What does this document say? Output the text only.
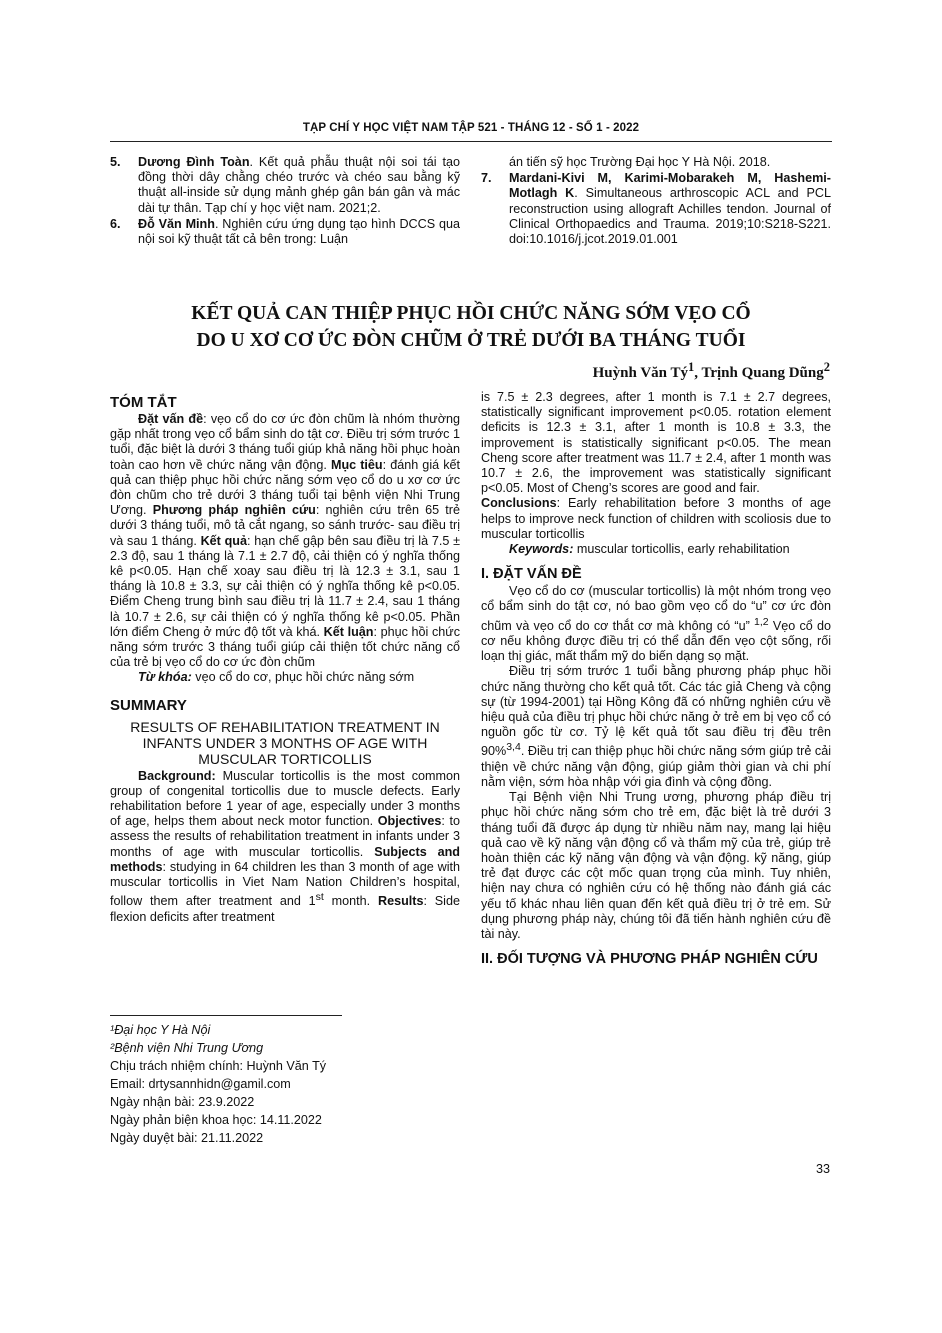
TẠP CHÍ Y HỌC VIỆT NAM TẬP 521 - THÁNG 12 - SỐ 1 - 2022
5.	Dương Đình Toàn. Kết quả phẫu thuật nội soi tái tạo đồng thời dây chằng chéo trước và chéo sau bằng kỹ thuật all-inside sử dụng mảnh ghép gân bán gân và mác dài tự thân. Tạp chí y học việt nam. 2021;2.
6.	Đỗ Văn Minh. Nghiên cứu ứng dụng tạo hình DCCS qua nội soi kỹ thuật tất cả bên trong: Luận
án tiến sỹ học Trường Đại học Y Hà Nội. 2018.
7.	Mardani-Kivi M, Karimi-Mobarakeh M, Hashemi-Motlagh K. Simultaneous arthroscopic ACL and PCL reconstruction using allograft Achilles tendon. Journal of Clinical Orthopaedics and Trauma. 2019;10:S218-S221. doi:10.1016/j.jcot.2019.01.001
KẾT QUẢ CAN THIỆP PHỤC HỒI CHỨC NĂNG SỚM VẸO CỔ
DO U XƠ CƠ ỨC ĐÒN CHŨM Ở TRẺ DƯỚI BA THÁNG TUỔI
Huỳnh Văn $Tý^1$, Trịnh Quang Dũng$^2$
TÓM TẮT

Đặt vấn đề: vẹo cổ do cơ ức đòn chũm là nhóm thường gặp nhất trong vẹo cổ bẩm sinh do tật cơ. Điều trị sớm trước 1 tuổi, đặc biệt là dưới 3 tháng tuổi giúp khả năng hồi phục hoàn toàn cao hơn về chức năng vận động. Mục tiêu: đánh giá kết quả can thiệp phục hồi chức năng sớm vẹo cổ do u xơ cơ ức đòn chũm cho trẻ dưới 3 tháng tuổi tại bệnh viện Nhi Trung Ương. Phương pháp nghiên cứu: nghiên cứu trên 65 trẻ dưới 3 tháng tuổi, mô tả cắt ngang, so sánh trước- sau điều trị và sau 1 tháng. Kết quả: hạn chế gập bên sau điều trị là 7.5 ± 2.3 độ, sau 1 tháng là 7.1 ± 2.7 độ, cải thiện có ý nghĩa thống kê p<0.05. Hạn chế xoay sau điều trị là 12.3 ± 3.1, sau 1 tháng là 10.8 ± 3.3, sự cải thiện có ý nghĩa thống kê p<0.05. Điểm Cheng trung bình sau điều trị là 11.7 ± 2.4, sau 1 tháng là 10.7 ± 2.6, sự cải thiện có ý nghĩa thống kê p<0.05. Phần lớn điểm Cheng ở mức độ tốt và khá. Kết luận: phục hồi chức năng sớm trước 3 tháng tuổi giúp cải thiện tốt chức năng cổ của trẻ bị vẹo cổ do cơ ức đòn chũm

Từ khóa: vẹo cổ do cơ, phục hồi chức năng sớm

SUMMARY
RESULTS OF REHABILITATION TREATMENT IN INFANTS UNDER 3 MONTHS OF AGE WITH MUSCULAR TORTICOLLIS

Background: Muscular torticollis is the most common group of congenital torticollis due to muscle defects. Early rehabilitation before 1 year of age, especially under 3 months of age, helps them about neck motor function. Objectives: to assess the results of rehabilitation treatment in infants under 3 months of age with muscular torticollis. Subjects and methods: studying in 64 children les than 3 month of age with muscular torticollis in Viet Nam Nation Children’s hospital, follow them after treatment and 1st month. Results: Side flexion deficits after treatment

¹Đại học Y Hà Nội
²Bệnh viện Nhi Trung Ương
Chịu trách nhiệm chính: Huỳnh Văn Tý
Email: drtysannhidn@gamil.com
Ngày nhận bài: 23.9.2022
Ngày phản biện khoa học: 14.11.2022
Ngày duyệt bài: 21.11.2022
is 7.5 ± 2.3 degrees, after 1 month is 7.1 ± 2.7 degrees, statistically significant improvement p<0.05. rotation element deficits is 12.3 ± 3.1, after 1 month is 10.8 ± 3.3, the improvement is statistically significant p<0.05. The mean Cheng score after treatment was 11.7 ± 2.4, after 1 month was 10.7 ± 2.6, the improvement was statistically significant p<0.05. Most of Cheng’s scores are good and fair.
Conclusions: Early rehabilitation before 3 months of age helps to improve neck function of children with scoliosis due to muscular torticollis

Keywords: muscular torticollis, early rehabilitation

I. ĐẶT VẤN ĐỀ

Vẹo cổ do cơ (muscular torticollis) là một nhóm trong vẹo cổ bẩm sinh do tật cơ, nó bao gồm vẹo cổ do “u” cơ ức đòn chũm và vẹo cổ do cơ thắt cơ mà không có “u” $^{1,2}$ Vẹo cổ do cơ nếu không được điều trị có thể dẫn đến vẹo cột sống, rối loạn thị giác, mất thẩm mỹ do biến dạng sọ mặt.

Điều trị sớm trước 1 tuổi bằng phương pháp phục hồi chức năng thường cho kết quả tốt. Các tác giả Cheng và cộng sự (từ 1994-2001) tại Hồng Kông đã có những nghiên cứu về hiệu quả của điều trị phục hồi chức năng ở trẻ em bị vẹo cổ có nguồn gốc từ cơ. Tỷ lệ kết quả tốt sau điều trị đều trên 90%$^{3,4}$. Điều trị can thiệp phục hồi chức năng sớm giúp trẻ cải thiện về chức năng vận động, giúp giảm thời gian và chi phí nằm viện, sớm hòa nhập với gia đình và cộng đồng.

Tại Bệnh viện Nhi Trung ương, phương pháp điều trị phục hồi chức năng sớm cho trẻ em, đặc biệt là trẻ dưới 3 tháng tuổi đã được áp dụng từ nhiều năm nay, mang lại hiệu quả cao về kỹ năng vận động cổ và thẩm mỹ của trẻ, giúp trẻ hoàn thiện các kỹ năng vận động và vận động. kỹ năng, giúp trẻ đạt được các cột mốc quan trọng của mình. Tuy nhiên, hiện nay chưa có nghiên cứu có hệ thống nào đánh giá các yếu tố khác nhau liên quan đến kết quả điều trị ở trẻ em. Sử dụng phương pháp này, chúng tôi đã tiến hành nghiên cứu đề tài này.

II. ĐỐI TƯỢNG VÀ PHƯƠNG PHÁP NGHIÊN CỨU
33
